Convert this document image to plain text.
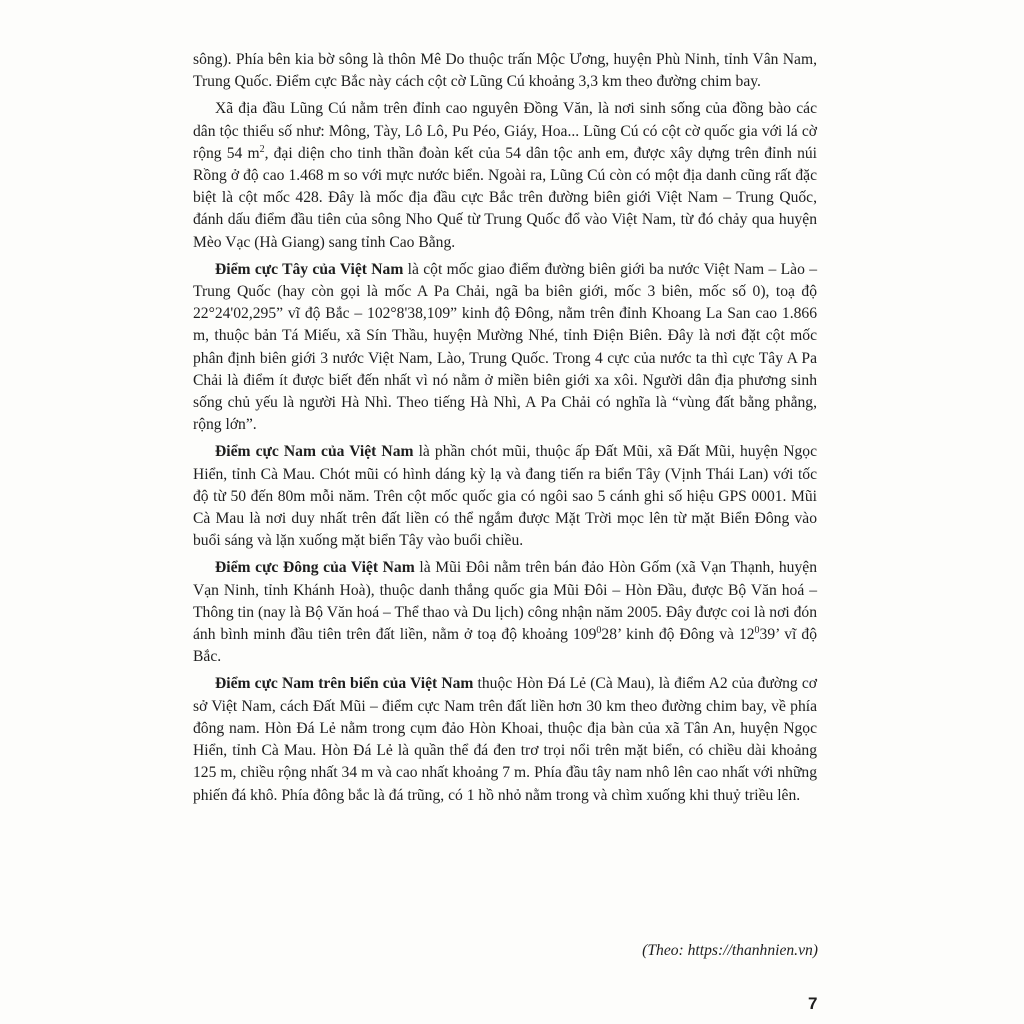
sông). Phía bên kia bờ sông là thôn Mê Do thuộc trấn Mộc Ương, huyện Phù Ninh, tỉnh Vân Nam, Trung Quốc. Điểm cực Bắc này cách cột cờ Lũng Cú khoảng 3,3 km theo đường chim bay.

Xã địa đầu Lũng Cú nằm trên đỉnh cao nguyên Đồng Văn, là nơi sinh sống của đồng bào các dân tộc thiểu số như: Mông, Tày, Lô Lô, Pu Péo, Giáy, Hoa... Lũng Cú có cột cờ quốc gia với lá cờ rộng 54 $m^2$, đại diện cho tinh thần đoàn kết của 54 dân tộc anh em, được xây dựng trên đỉnh núi Rồng ở độ cao 1.468 m so với mực nước biển. Ngoài ra, Lũng Cú còn có một địa danh cũng rất đặc biệt là cột mốc 428. Đây là mốc địa đầu cực Bắc trên đường biên giới Việt Nam – Trung Quốc, đánh dấu điểm đầu tiên của sông Nho Quế từ Trung Quốc đổ vào Việt Nam, từ đó chảy qua huyện Mèo Vạc (Hà Giang) sang tỉnh Cao Bằng.

Điểm cực Tây của Việt Nam là cột mốc giao điểm đường biên giới ba nước Việt Nam – Lào – Trung Quốc (hay còn gọi là mốc A Pa Chải, ngã ba biên giới, mốc 3 biên, mốc số 0), toạ độ 22°24'02,295” vĩ độ Bắc – 102°8'38,109” kinh độ Đông, nằm trên đỉnh Khoang La San cao 1.866 m, thuộc bản Tá Miếu, xã Sín Thầu, huyện Mường Nhé, tỉnh Điện Biên. Đây là nơi đặt cột mốc phân định biên giới 3 nước Việt Nam, Lào, Trung Quốc. Trong 4 cực của nước ta thì cực Tây A Pa Chải là điểm ít được biết đến nhất vì nó nằm ở miền biên giới xa xôi. Người dân địa phương sinh sống chủ yếu là người Hà Nhì. Theo tiếng Hà Nhì, A Pa Chải có nghĩa là “vùng đất bằng phẳng, rộng lớn”.

Điểm cực Nam của Việt Nam là phần chót mũi, thuộc ấp Đất Mũi, xã Đất Mũi, huyện Ngọc Hiển, tỉnh Cà Mau. Chót mũi có hình dáng kỳ lạ và đang tiến ra biển Tây (Vịnh Thái Lan) với tốc độ từ 50 đến 80m mỗi năm. Trên cột mốc quốc gia có ngôi sao 5 cánh ghi số hiệu GPS 0001. Mũi Cà Mau là nơi duy nhất trên đất liền có thể ngắm được Mặt Trời mọc lên từ mặt Biển Đông vào buổi sáng và lặn xuống mặt biển Tây vào buổi chiều.

Điểm cực Đông của Việt Nam là Mũi Đôi nằm trên bán đảo Hòn Gốm (xã Vạn Thạnh, huyện Vạn Ninh, tỉnh Khánh Hoà), thuộc danh thắng quốc gia Mũi Đôi – Hòn Đầu, được Bộ Văn hoá – Thông tin (nay là Bộ Văn hoá – Thể thao và Du lịch) công nhận năm 2005. Đây được coi là nơi đón ánh bình minh đầu tiên trên đất liền, nằm ở toạ độ khoảng $109^028$’ kinh độ Đông và $12^039$’ vĩ độ Bắc.

Điểm cực Nam trên biển của Việt Nam thuộc Hòn Đá Lẻ (Cà Mau), là điểm A2 của đường cơ sở Việt Nam, cách Đất Mũi – điểm cực Nam trên đất liền hơn 30 km theo đường chim bay, về phía đông nam. Hòn Đá Lẻ nằm trong cụm đảo Hòn Khoai, thuộc địa bàn của xã Tân An, huyện Ngọc Hiển, tỉnh Cà Mau. Hòn Đá Lẻ là quần thể đá đen trơ trọi nổi trên mặt biển, có chiều dài khoảng 125 m, chiều rộng nhất 34 m và cao nhất khoảng 7 m. Phía đầu tây nam nhô lên cao nhất với những phiến đá khô. Phía đông bắc là đá trũng, có 1 hồ nhỏ nằm trong và chìm xuống khi thuỷ triều lên.

(Theo: https://thanhnien.vn)
7
